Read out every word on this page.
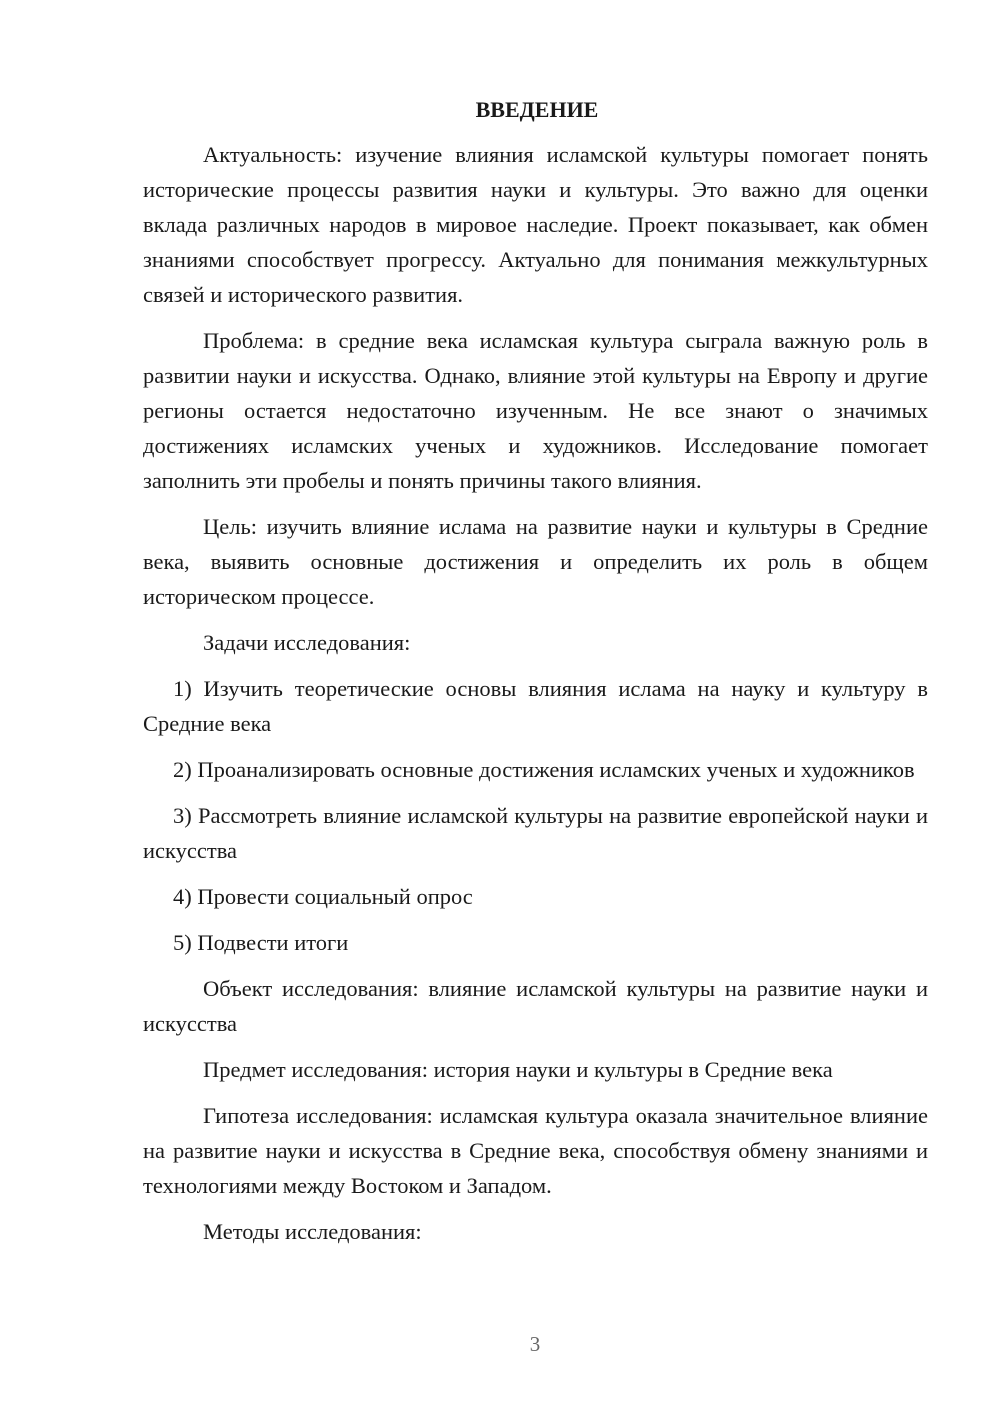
ВВЕДЕНИЕ

Актуальность: изучение влияния исламской культуры помогает понять исторические процессы развития науки и культуры. Это важно для оценки вклада различных народов в мировое наследие. Проект показывает, как обмен знаниями способствует прогрессу. Актуально для понимания межкультурных связей и исторического развития.

Проблема: в средние века исламская культура сыграла важную роль в развитии науки и искусства. Однако, влияние этой культуры на Европу и другие регионы остается недостаточно изученным. Не все знают о значимых достижениях исламских ученых и художников. Исследование помогает заполнить эти пробелы и понять причины такого влияния.

Цель: изучить влияние ислама на развитие науки и культуры в Средние века, выявить основные достижения и определить их роль в общем историческом процессе.

Задачи исследования:

1) Изучить теоретические основы влияния ислама на науку и культуру в Средние века

2) Проанализировать основные достижения исламских ученых и художников

3) Рассмотреть влияние исламской культуры на развитие европейской науки и искусства

4) Провести социальный опрос

5) Подвести итоги

Объект исследования: влияние исламской культуры на развитие науки и искусства

Предмет исследования: история науки и культуры в Средние века

Гипотеза исследования: исламская культура оказала значительное влияние на развитие науки и искусства в Средние века, способствуя обмену знаниями и технологиями между Востоком и Западом.

Методы исследования:

3
